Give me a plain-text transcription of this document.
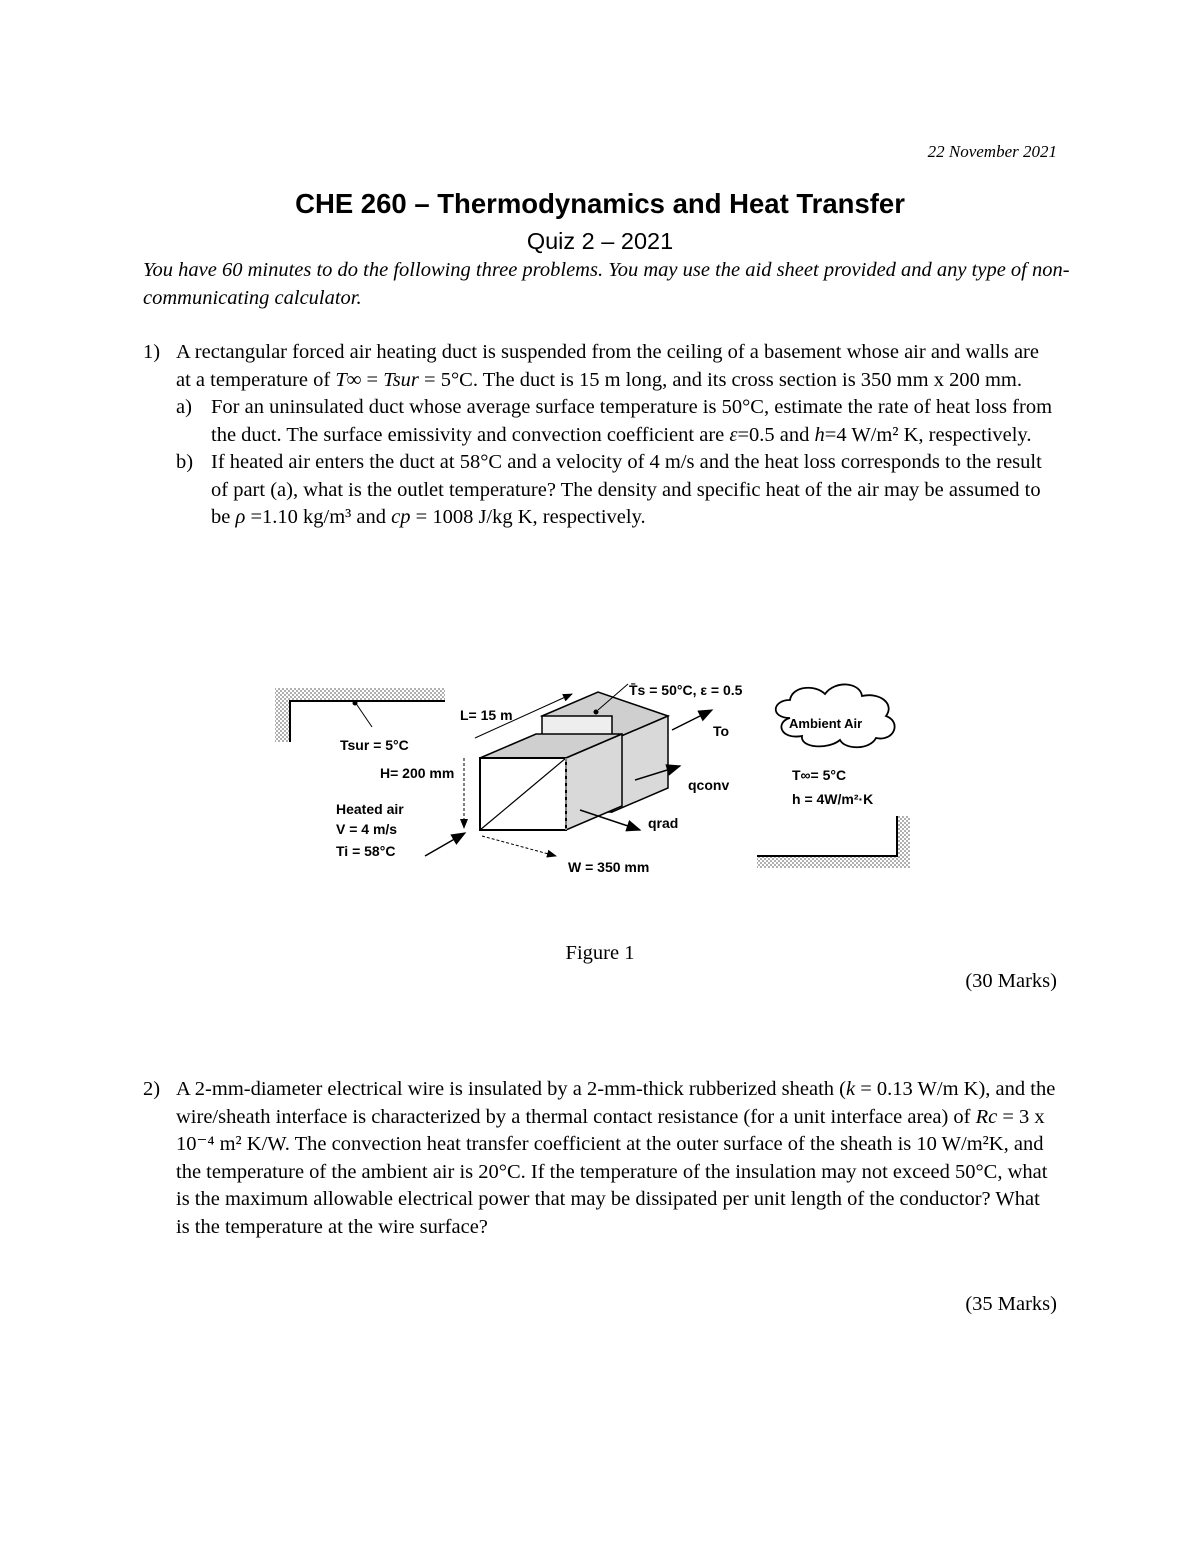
22 November 2021
CHE 260 – Thermodynamics and Heat Transfer
Quiz 2 – 2021
You have 60 minutes to do the following three problems. You may use the aid sheet provided and any type of non-communicating calculator.
1) A rectangular forced air heating duct is suspended from the ceiling of a basement whose air and walls are at a temperature of T∞ = Tsur = 5°C. The duct is 15 m long, and its cross section is 350 mm x 200 mm.
a) For an uninsulated duct whose average surface temperature is 50°C, estimate the rate of heat loss from the duct. The surface emissivity and convection coefficient are ε=0.5 and h=4 W/m² K, respectively.
b) If heated air enters the duct at 58°C and a velocity of 4 m/s and the heat loss corresponds to the result of part (a), what is the outlet temperature? The density and specific heat of the air may be assumed to be ρ =1.10 kg/m³ and cp = 1008 J/kg K, respectively.
T̄s = 50°C, ε = 0.5
L= 15 m
To	Ambient Air
Tsur = 5°C
H= 200 mm
qconv
T∞= 5°C
h = 4W/m²·K
Heated air
V = 4 m/s
Ti = 58°C
qrad
W = 350 mm
Figure 1
(30 Marks)
2) A 2-mm-diameter electrical wire is insulated by a 2-mm-thick rubberized sheath (k = 0.13 W/m K), and the wire/sheath interface is characterized by a thermal contact resistance (for a unit interface area) of Rc = 3 x 10⁻⁴ m² K/W. The convection heat transfer coefficient at the outer surface of the sheath is 10 W/m²K, and the temperature of the ambient air is 20°C. If the temperature of the insulation may not exceed 50°C, what is the maximum allowable electrical power that may be dissipated per unit length of the conductor? What is the temperature at the wire surface?
(35 Marks)
